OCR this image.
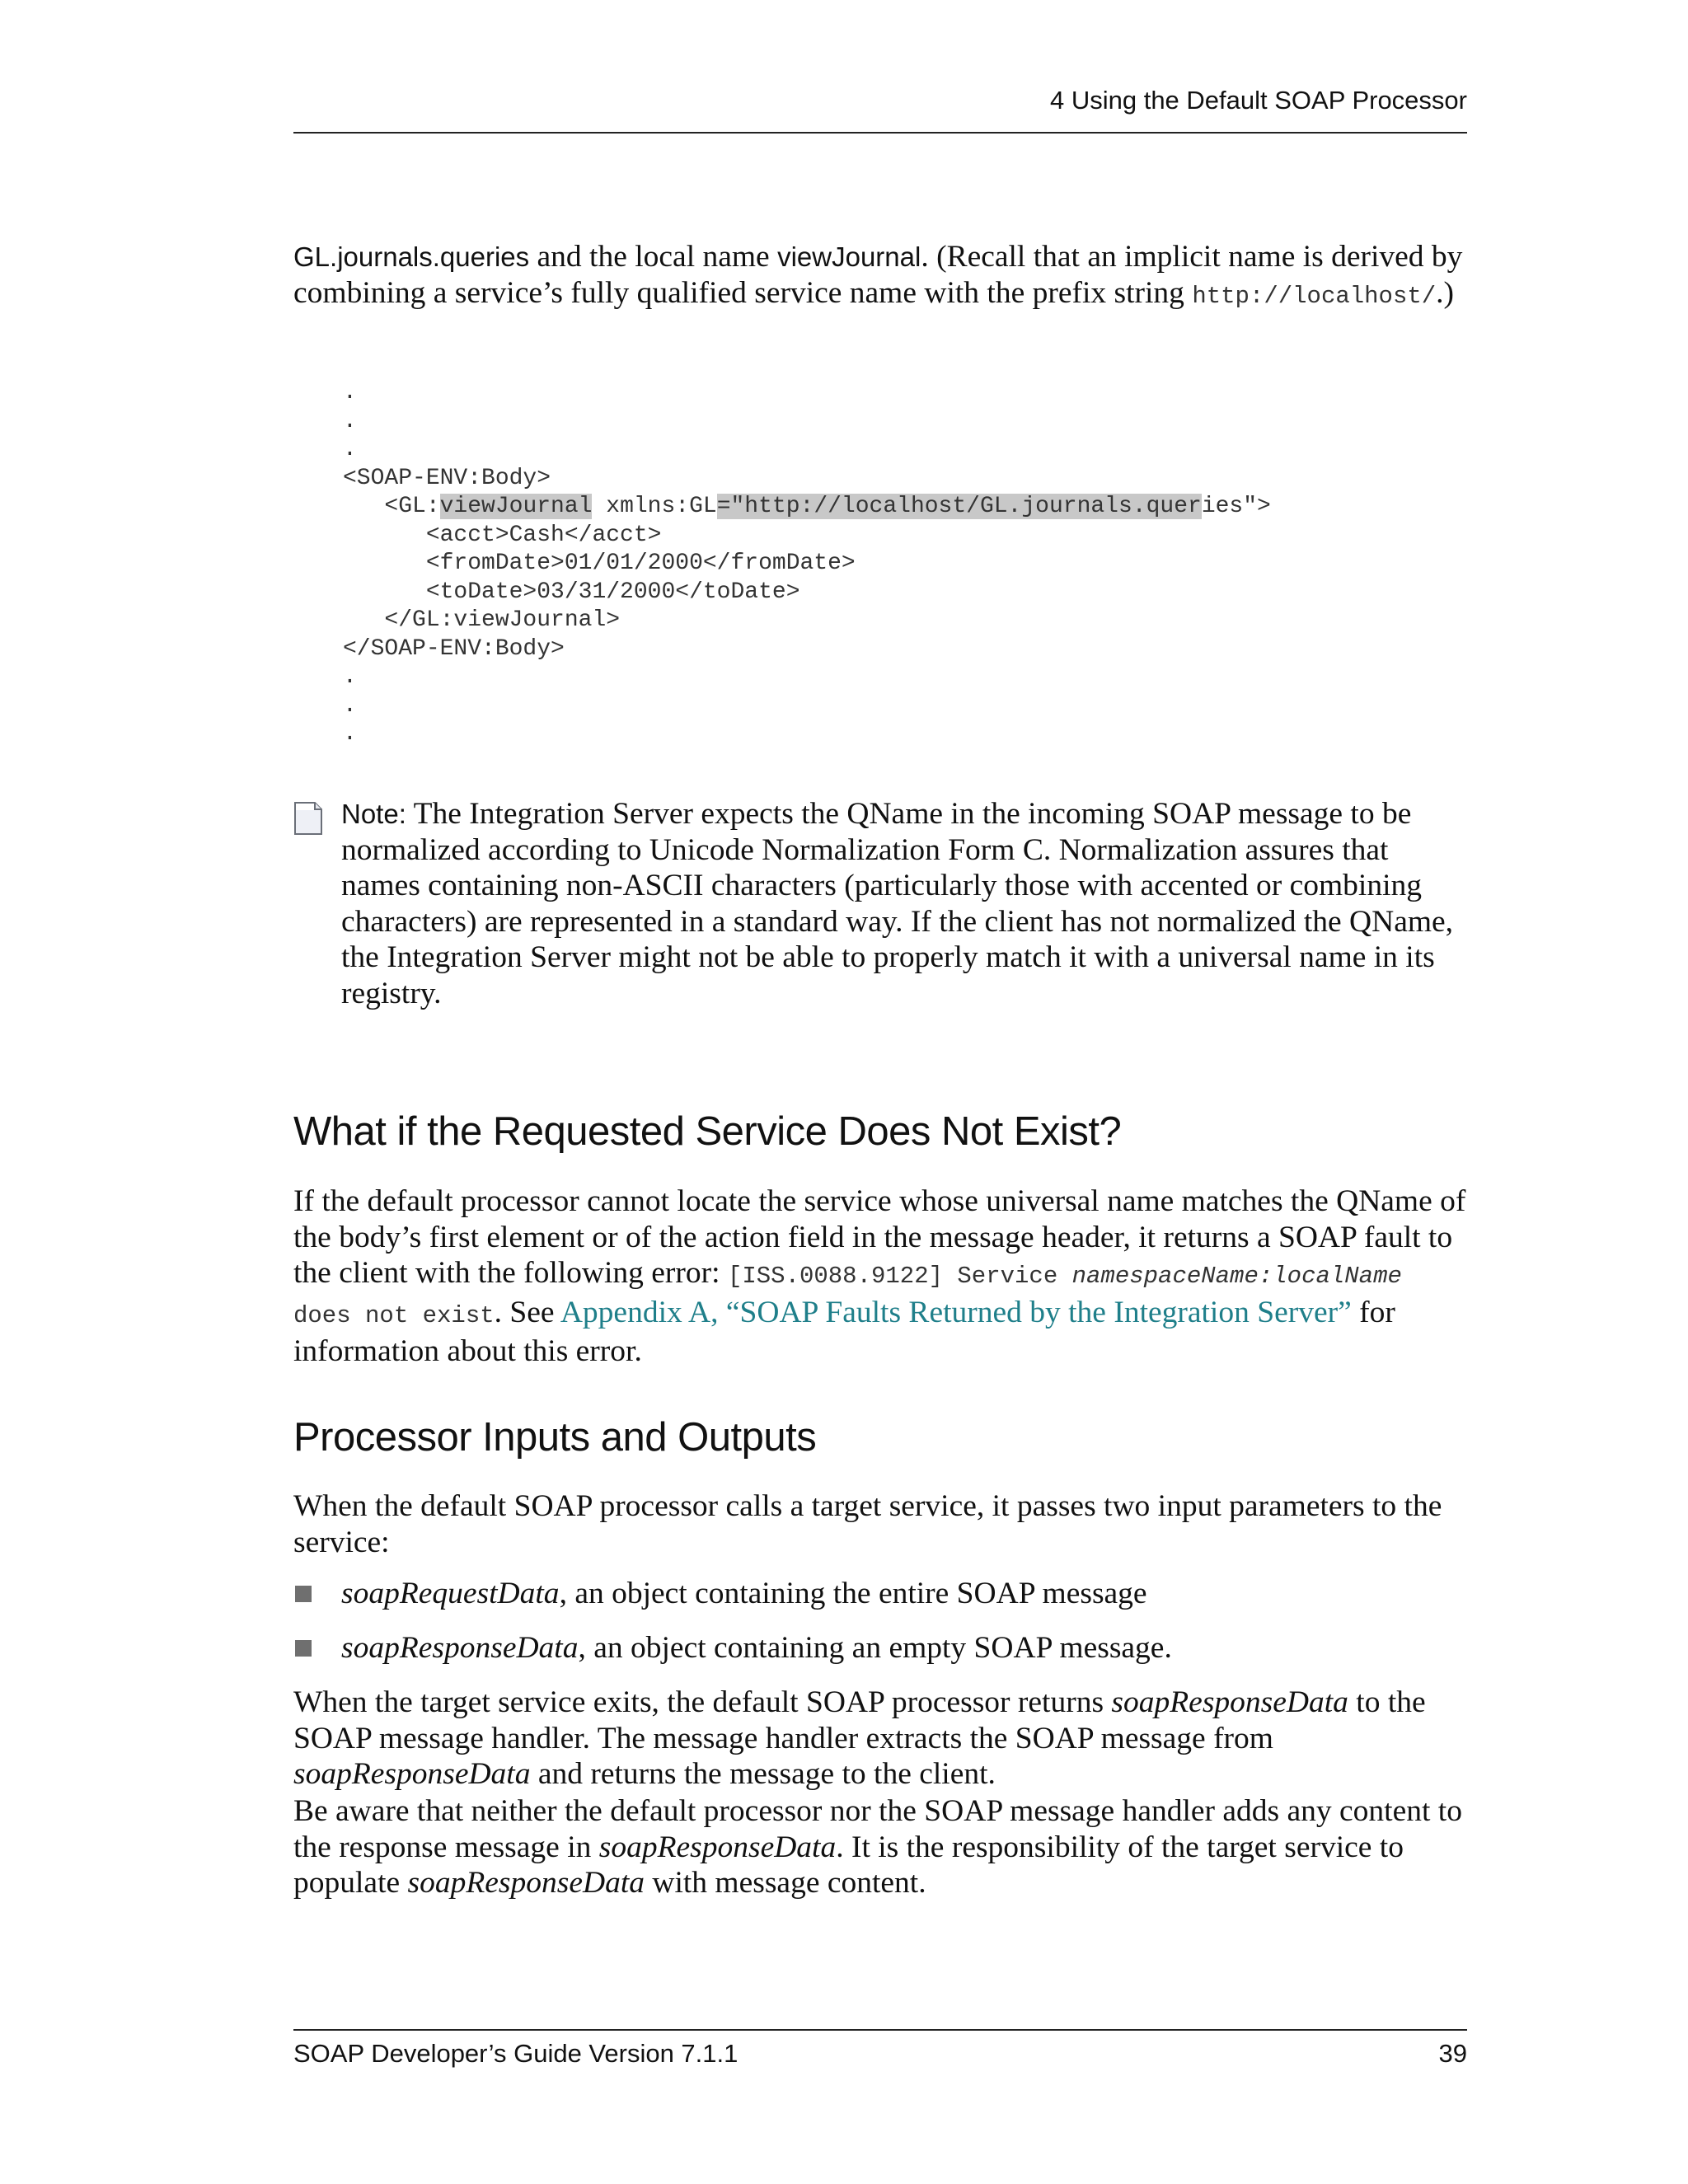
4 Using the Default SOAP Processor

GL.journals.queries and the local name viewJournal. (Recall that an implicit name is derived by combining a service’s fully qualified service name with the prefix string http://localhost/.)

.
.
.
<SOAP-ENV:Body>
<GL:viewJournal xmlns:GL="http://localhost/GL.journals.queries">
<acct>Cash</acct>
<fromDate>01/01/2000</fromDate>
<toDate>03/31/2000</toDate>
</GL:viewJournal>
</SOAP-ENV:Body>
.
.
.

Note: The Integration Server expects the QName in the incoming SOAP message to be normalized according to Unicode Normalization Form C. Normalization assures that names containing non-ASCII characters (particularly those with accented or combining characters) are represented in a standard way. If the client has not normalized the QName, the Integration Server might not be able to properly match it with a universal name in its registry.

What if the Requested Service Does Not Exist?

If the default processor cannot locate the service whose universal name matches the QName of the body’s first element or of the action field in the message header, it returns a SOAP fault to the client with the following error: [ISS.0088.9122] Service namespaceName:localName does not exist. See Appendix A, “SOAP Faults Returned by the Integration Server” for information about this error.

Processor Inputs and Outputs

When the default SOAP processor calls a target service, it passes two input parameters to the service:

soapRequestData, an object containing the entire SOAP message
soapResponseData, an object containing an empty SOAP message.

When the target service exits, the default SOAP processor returns soapResponseData to the SOAP message handler. The message handler extracts the SOAP message from soapResponseData and returns the message to the client.

Be aware that neither the default processor nor the SOAP message handler adds any content to the response message in soapResponseData. It is the responsibility of the target service to populate soapResponseData with message content.

SOAP Developer’s Guide Version 7.1.1	39
